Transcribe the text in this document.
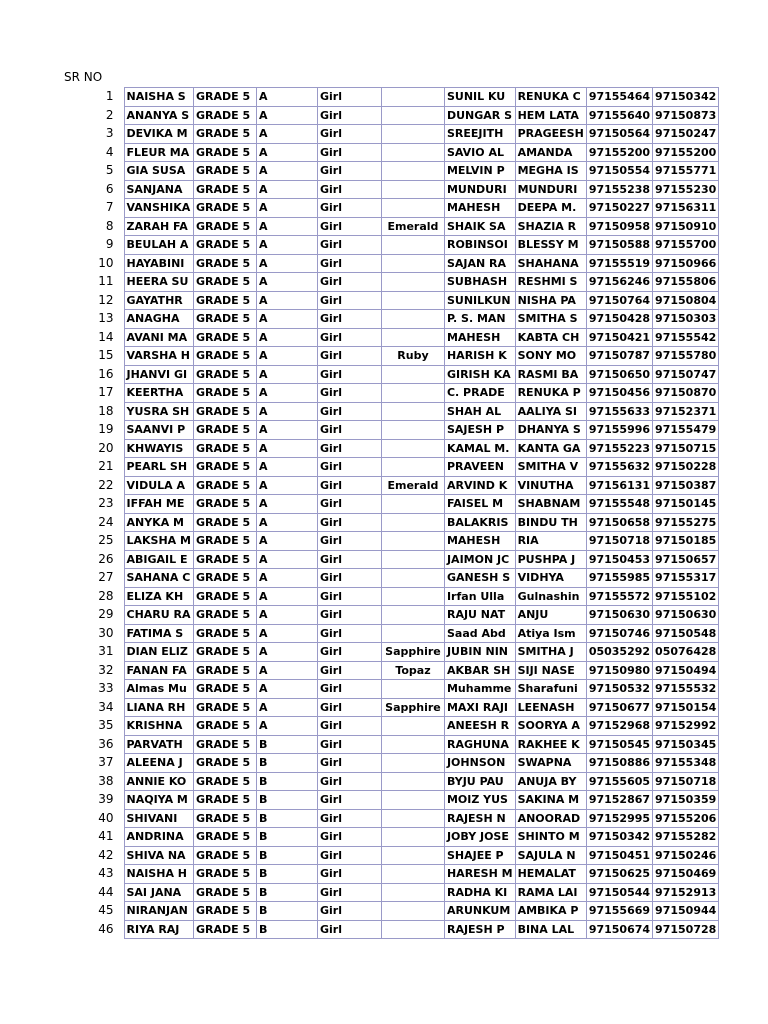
SR NO
1	NAISHA S	GRADE 5	A	Girl		SUNIL KU	RENUKA C	97155464	97150342
2	ANANYA S	GRADE 5	A	Girl		DUNGAR S	HEM LATA	97155640	97150873
3	DEVIKA M	GRADE 5	A	Girl		SREEJITH	PRAGEESH	97150564	97150247
4	FLEUR MA	GRADE 5	A	Girl		SAVIO AL	AMANDA	97155200	97155200
5	GIA SUSA	GRADE 5	A	Girl		MELVIN P	MEGHA IS	97150554	97155771
6	SANJANA	GRADE 5	A	Girl		MUNDURI	MUNDURI	97155238	97155230
7	VANSHIKA	GRADE 5	A	Girl		MAHESH	DEEPA M.	97150227	97156311
8	ZARAH FA	GRADE 5	A	Girl	Emerald	SHAIK SA	SHAZIA R	97150958	97150910
9	BEULAH A	GRADE 5	A	Girl		ROBINSOI	BLESSY M	97150588	97155700
10	HAYABINI	GRADE 5	A	Girl		SAJAN RA	SHAHANA	97155519	97150966
11	HEERA SU	GRADE 5	A	Girl		SUBHASH	RESHMI S	97156246	97155806
12	GAYATHR	GRADE 5	A	Girl		SUNILKUN	NISHA PA	97150764	97150804
13	ANAGHA	GRADE 5	A	Girl		P. S. MAN	SMITHA S	97150428	97150303
14	AVANI MA	GRADE 5	A	Girl		MAHESH	KABTA CH	97150421	97155542
15	VARSHA H	GRADE 5	A	Girl	Ruby	HARISH K	SONY MO	97150787	97155780
16	JHANVI GI	GRADE 5	A	Girl		GIRISH KA	RASMI BA	97150650	97150747
17	KEERTHA	GRADE 5	A	Girl		C. PRADE	RENUKA P	97150456	97150870
18	YUSRA SH	GRADE 5	A	Girl		SHAH AL	AALIYA SI	97155633	97152371
19	SAANVI P	GRADE 5	A	Girl		SAJESH P	DHANYA S	97155996	97155479
20	KHWAYIS	GRADE 5	A	Girl		KAMAL M.	KANTA GA	97155223	97150715
21	PEARL SH	GRADE 5	A	Girl		PRAVEEN	SMITHA V	97155632	97150228
22	VIDULA A	GRADE 5	A	Girl	Emerald	ARVIND K	VINUTHA	97156131	97150387
23	IFFAH ME	GRADE 5	A	Girl		FAISEL M	SHABNAM	97155548	97150145
24	ANYKA M	GRADE 5	A	Girl		BALAKRIS	BINDU TH	97150658	97155275
25	LAKSHA M	GRADE 5	A	Girl		MAHESH	RIA	97150718	97150185
26	ABIGAIL E	GRADE 5	A	Girl		JAIMON JC	PUSHPA J	97150453	97150657
27	SAHANA C	GRADE 5	A	Girl		GANESH S	VIDHYA	97155985	97155317
28	ELIZA KH	GRADE 5	A	Girl		Irfan Ulla	Gulnashin	97155572	97155102
29	CHARU RA	GRADE 5	A	Girl		RAJU NAT	ANJU	97150630	97150630
30	FATIMA S	GRADE 5	A	Girl		Saad Abd	Atiya Ism	97150746	97150548
31	DIAN ELIZ	GRADE 5	A	Girl	Sapphire	JUBIN NIN	SMITHA J	05035292	05076428
32	FANAN FA	GRADE 5	A	Girl	Topaz	AKBAR SH	SIJI NASE	97150980	97150494
33	Almas Mu	GRADE 5	A	Girl		Muhamme	Sharafuni	97150532	97155532
34	LIANA RH	GRADE 5	A	Girl	Sapphire	MAXI RAJI	LEENASH	97150677	97150154
35	KRISHNA	GRADE 5	A	Girl		ANEESH R	SOORYA A	97152968	97152992
36	PARVATH	GRADE 5	B	Girl		RAGHUNA	RAKHEE K	97150545	97150345
37	ALEENA J	GRADE 5	B	Girl		JOHNSON	SWAPNA	97150886	97155348
38	ANNIE KO	GRADE 5	B	Girl		BYJU PAU	ANUJA BY	97155605	97150718
39	NAQIYA M	GRADE 5	B	Girl		MOIZ YUS	SAKINA M	97152867	97150359
40	SHIVANI	GRADE 5	B	Girl		RAJESH N	ANOORAD	97152995	97155206
41	ANDRINA	GRADE 5	B	Girl		JOBY JOSE	SHINTO M	97150342	97155282
42	SHIVA NA	GRADE 5	B	Girl		SHAJEE P	SAJULA N	97150451	97150246
43	NAISHA H	GRADE 5	B	Girl		HARESH M	HEMALAT	97150625	97150469
44	SAI JANA	GRADE 5	B	Girl		RADHA KI	RAMA LAI	97150544	97152913
45	NIRANJAN	GRADE 5	B	Girl		ARUNKUM	AMBIKA P	97155669	97150944
46	RIYA RAJ	GRADE 5	B	Girl		RAJESH P	BINA LAL	97150674	97150728
